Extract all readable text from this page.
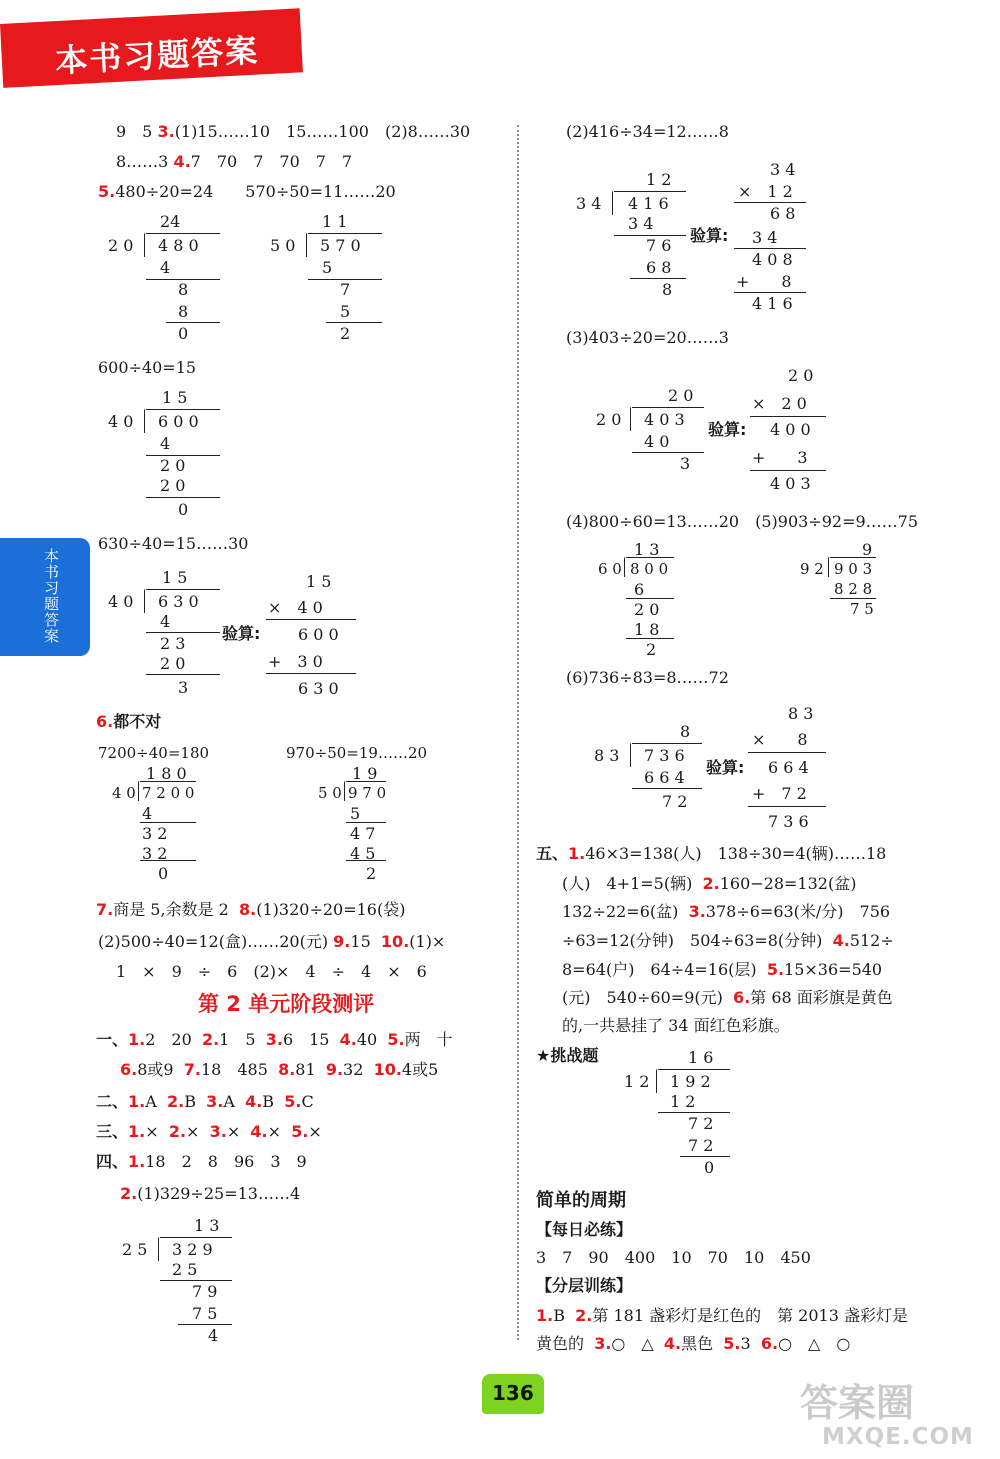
本书习题答案
本书习题答案
9　5 3.(1)15……10　15……100　(2)8……30
8……3 4.7　70　7　70　7　7
5.480÷20=24　　570÷50=11……20
24
2 0 4 8 0
4
8
8
0
1 1
5 0 5 7 0
5
7
5
2
600÷40=15
1 5
4 0 6 0 0
4
2 0
2 0
0
630÷40=15……30
1 5
4 0 6 3 0
4
2 3
2 0
3
验算:
1 5
×　4 0
6 0 0
+　3 0
6 3 0
6.都不对
7200÷40=180	970÷50=19……20
1 8 0
4 0 7 2 0 0
4
3 2
3 2
0
1 9
5 0 9 7 0
5
4 7
4 5
2
7.商是 5,余数是 2 8.(1)320÷20=16(袋)
(2)500÷40=12(盒)……20(元) 9.15 10.(1)×
1　×　9　÷　6　(2)×　4　÷　4　×　6
第 2 单元阶段测评
一、1.2　20 2.1　5 3.6　15 4.40 5.两　十
6.8或9 7.18　485 8.81 9.32 10.4或5
二、1.A 2.B 3.A 4.B 5.C
三、1.× 2.× 3.× 4.× 5.×
四、1.18　2　8　96　3　9
2.(1)329÷25=13……4
1 3
2 5 3 2 9
2 5
7 9
7 5
4
(2)416÷34=12……8
1 2
3 4 4 1 6
3 4
7 6
6 8
8
验算:
3 4
×　1 2
6 8
3 4
4 0 8
+　　8
4 1 6
(3)403÷20=20……3
2 0
2 0 4 0 3
4 0
3
验算:
2 0
×　2 0
4 0 0
+　　3
4 0 3
(4)800÷60=13……20　(5)903÷92=9……75
1 3
6 0 8 0 0
6
2 0
1 8
2
9
9 2 9 0 3
8 2 8
7 5
(6)736÷83=8……72
8
8 3 7 3 6
6 6 4
7 2
验算:
8 3
×　　8
6 6 4
+　7 2
7 3 6
五、1.46×3=138(人)　138÷30=4(辆)……18
(人)　4+1=5(辆) 2.160−28=132(盆)
132÷22=6(盆) 3.378÷6=63(米/分)　756
÷63=12(分钟)　504÷63=8(分钟) 4.512÷
8=64(户)　64÷4=16(层) 5.15×36=540
(元)　540÷60=9(元) 6.第 68 面彩旗是黄色
的,一共悬挂了 34 面红色彩旗。
★挑战题	1 6
1 2 1 9 2
1 2
7 2
7 2
0
简单的周期
【每日必练】
3　7　90　400　10　70　10　450
【分层训练】
1.B 2.第 181 盏彩灯是红色的　第 2013 盏彩灯是
黄色的 3.○　△ 4.黑色 5.3 6.○　△　○
136	答案圈
MXQE.COM
